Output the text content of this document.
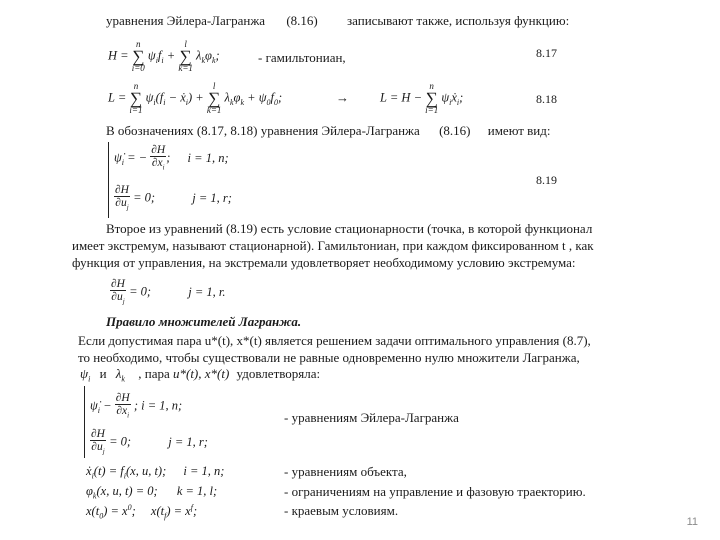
уравнения Эйлера-Лагранжа (8.16) записывают также, используя функцию:
H = n
∑
i=0 $\psi_if_i + l$
∑
k=1 $\lambda_k\varphi_k$;	- гамильтониан,	8.17
L = n
∑
i=1 $\psi_i(f_i$ − ẋ$_i$) + l
∑
k=1 $\lambda_k\varphi_k + \psi_0f_0$;	→ L = H − n
∑
i=1 $\psi_iẋ_i$;	8.18
В обозначениях (8.17, 8.18) уравнения Эйлера-Лагранжа (8.16) имеют вид:
$\psi̇_i$ = − $\frac{\partial H}{\partial x_i}$ ; i = 1, n;
$\frac{\partial H}{\partial u_j} = 0$;	j = 1, r;
8.19
Второе из уравнений (8.19) есть условие стационарности (точка, в которой функционал
имеет экстремум, называют стационарной). Гамильтониан, при каждом фиксированном t , как
функция от управления, на экстремали удовлетворяет необходимому условию экстремума:
$\frac{\partial H}{\partial u_j} = 0$;	j = 1, r.
Правило множителей Лагранжа.
Если допустимая пара u*(t), x*(t) является решением задачи оптимального управления (8.7),
то необходимо, чтобы существовали не равные одновременно нулю множители Лагранжа,
$\psi_i$ и $\lambda_k$ , пара u*(t), x*(t) удовлетворяла:
$\psi̇_i - \frac{\partial H}{\partial x_i}$ ; i = 1, n;
- уравнениям Эйлера-Лагранжа
$\frac{\partial H}{\partial u_j} = 0$;	j = 1, r;
ẋ$_i$(t) = $f_i(x$, u, t); i = 1, n;	- уравнениям объекта,
$\varphi_k(x$, u, t) = 0; k = 1, l;	- ограничениям на управление и фазовую траекторию.
$x(t_0) = x^0$; $x(t_f) = x^f$;	- краевым условиям.
11
